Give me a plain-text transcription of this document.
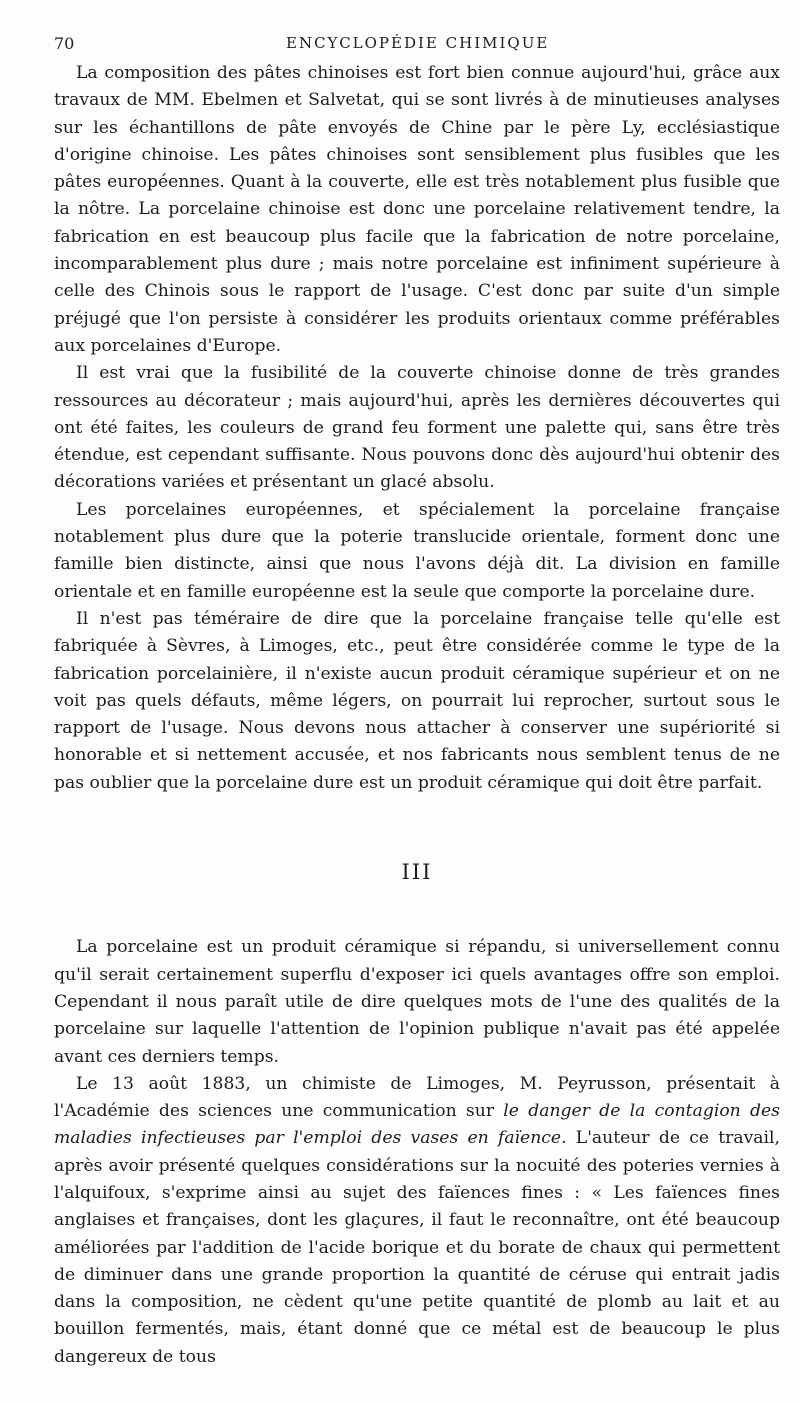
70	ENCYCLOPÉDIE CHIMIQUE

La composition des pâtes chinoises est fort bien connue aujourd'hui, grâce aux travaux de MM. Ebelmen et Salvetat, qui se sont livrés à de minutieuses analyses sur les échantillons de pâte envoyés de Chine par le père Ly, ecclésiastique d'origine chinoise. Les pâtes chinoises sont sensiblement plus fusibles que les pâtes européennes. Quant à la couverte, elle est très notablement plus fusible que la nôtre. La porcelaine chinoise est donc une porcelaine relativement tendre, la fabrication en est beaucoup plus facile que la fabrication de notre porcelaine, incomparablement plus dure ; mais notre porcelaine est infiniment supérieure à celle des Chinois sous le rapport de l'usage. C'est donc par suite d'un simple préjugé que l'on persiste à considérer les produits orientaux comme préférables aux porcelaines d'Europe.

Il est vrai que la fusibilité de la couverte chinoise donne de très grandes ressources au décorateur ; mais aujourd'hui, après les dernières découvertes qui ont été faites, les couleurs de grand feu forment une palette qui, sans être très étendue, est cependant suffisante. Nous pouvons donc dès aujourd'hui obtenir des décorations variées et présentant un glacé absolu.

Les porcelaines européennes, et spécialement la porcelaine française notablement plus dure que la poterie translucide orientale, forment donc une famille bien distincte, ainsi que nous l'avons déjà dit. La division en famille orientale et en famille européenne est la seule que comporte la porcelaine dure.

Il n'est pas téméraire de dire que la porcelaine française telle qu'elle est fabriquée à Sèvres, à Limoges, etc., peut être considérée comme le type de la fabrication porcelainière, il n'existe aucun produit céramique supérieur et on ne voit pas quels défauts, même légers, on pourrait lui reprocher, surtout sous le rapport de l'usage. Nous devons nous attacher à conserver une supériorité si honorable et si nettement accusée, et nos fabricants nous semblent tenus de ne pas oublier que la porcelaine dure est un produit céramique qui doit être parfait.

III

La porcelaine est un produit céramique si répandu, si universellement connu qu'il serait certainement superflu d'exposer ici quels avantages offre son emploi. Cependant il nous paraît utile de dire quelques mots de l'une des qualités de la porcelaine sur laquelle l'attention de l'opinion publique n'avait pas été appelée avant ces derniers temps.

Le 13 août 1883, un chimiste de Limoges, M. Peyrusson, présentait à l'Académie des sciences une communication sur le danger de la contagion des maladies infectieuses par l'emploi des vases en faïence. L'auteur de ce travail, après avoir présenté quelques considérations sur la nocuité des poteries vernies à l'alquifoux, s'exprime ainsi au sujet des faïences fines : « Les faïences fines anglaises et françaises, dont les glaçures, il faut le reconnaître, ont été beaucoup améliorées par l'addition de l'acide borique et du borate de chaux qui permettent de diminuer dans une grande proportion la quantité de céruse qui entrait jadis dans la composition, ne cèdent qu'une petite quantité de plomb au lait et au bouillon fermentés, mais, étant donné que ce métal est de beaucoup le plus dangereux de tous
